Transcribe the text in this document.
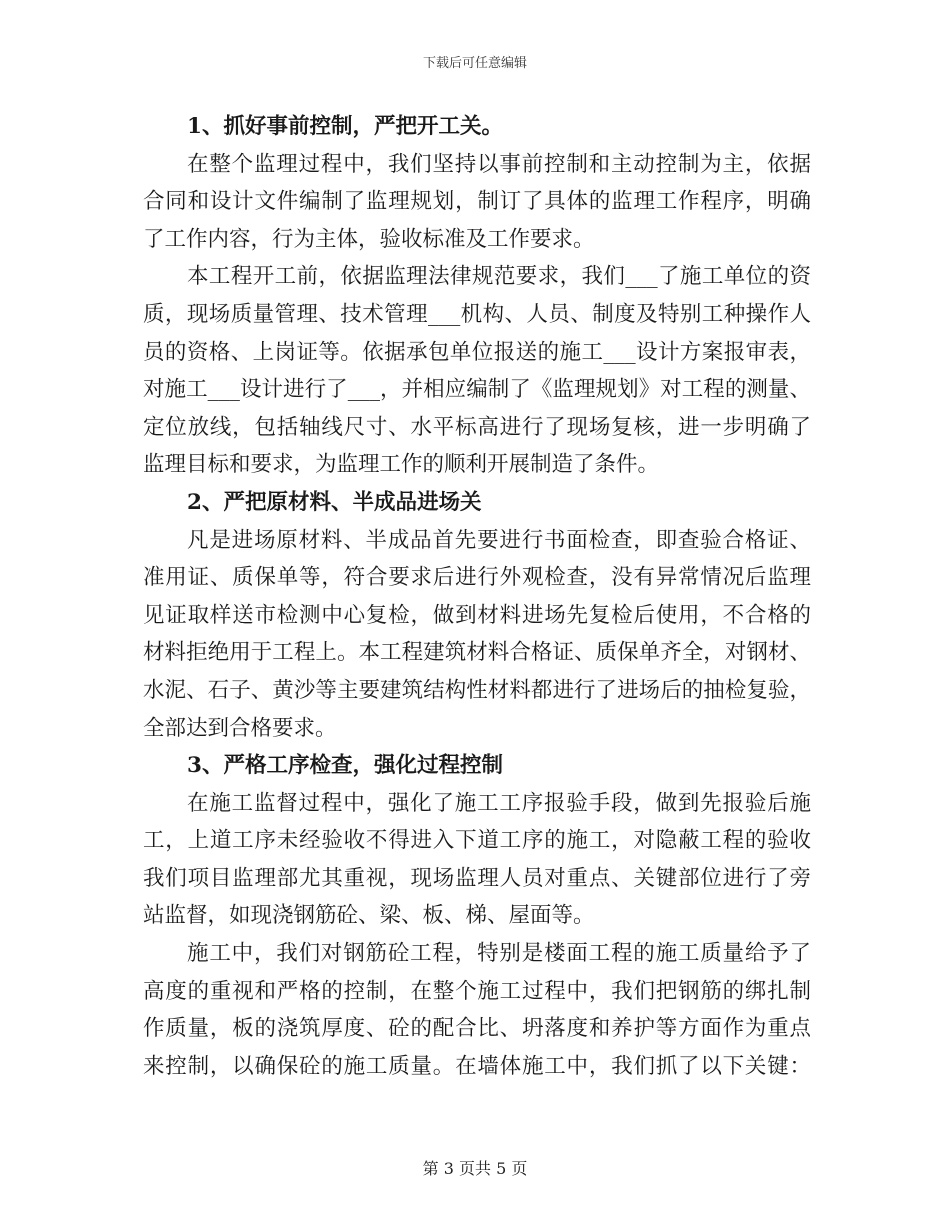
下载后可任意编辑
1、抓好事前控制，严把开工关。
在整个监理过程中，我们坚持以事前控制和主动控制为主，依据
合同和设计文件编制了监理规划，制订了具体的监理工作程序，明确
了工作内容，行为主体，验收标准及工作要求。
本工程开工前，依据监理法律规范要求，我们___了施工单位的资
质，现场质量管理、技术管理___机构、人员、制度及特别工种操作人
员的资格、上岗证等。依据承包单位报送的施工___设计方案报审表，
对施工___设计进行了___，并相应编制了《监理规划》对工程的测量、
定位放线，包括轴线尺寸、水平标高进行了现场复核，进一步明确了
监理目标和要求，为监理工作的顺利开展制造了条件。
2、严把原材料、半成品进场关
凡是进场原材料、半成品首先要进行书面检查，即查验合格证、
准用证、质保单等，符合要求后进行外观检查，没有异常情况后监理
见证取样送市检测中心复检，做到材料进场先复检后使用，不合格的
材料拒绝用于工程上。本工程建筑材料合格证、质保单齐全，对钢材、
水泥、石子、黄沙等主要建筑结构性材料都进行了进场后的抽检复验，
全部达到合格要求。
3、严格工序检查，强化过程控制
在施工监督过程中，强化了施工工序报验手段，做到先报验后施
工，上道工序未经验收不得进入下道工序的施工，对隐蔽工程的验收
我们项目监理部尤其重视，现场监理人员对重点、关键部位进行了旁
站监督，如现浇钢筋砼、梁、板、梯、屋面等。
施工中，我们对钢筋砼工程，特别是楼面工程的施工质量给予了
高度的重视和严格的控制，在整个施工过程中，我们把钢筋的绑扎制
作质量，板的浇筑厚度、砼的配合比、坍落度和养护等方面作为重点
来控制，以确保砼的施工质量。在墙体施工中，我们抓了以下关键：
第 3 页共 5 页
